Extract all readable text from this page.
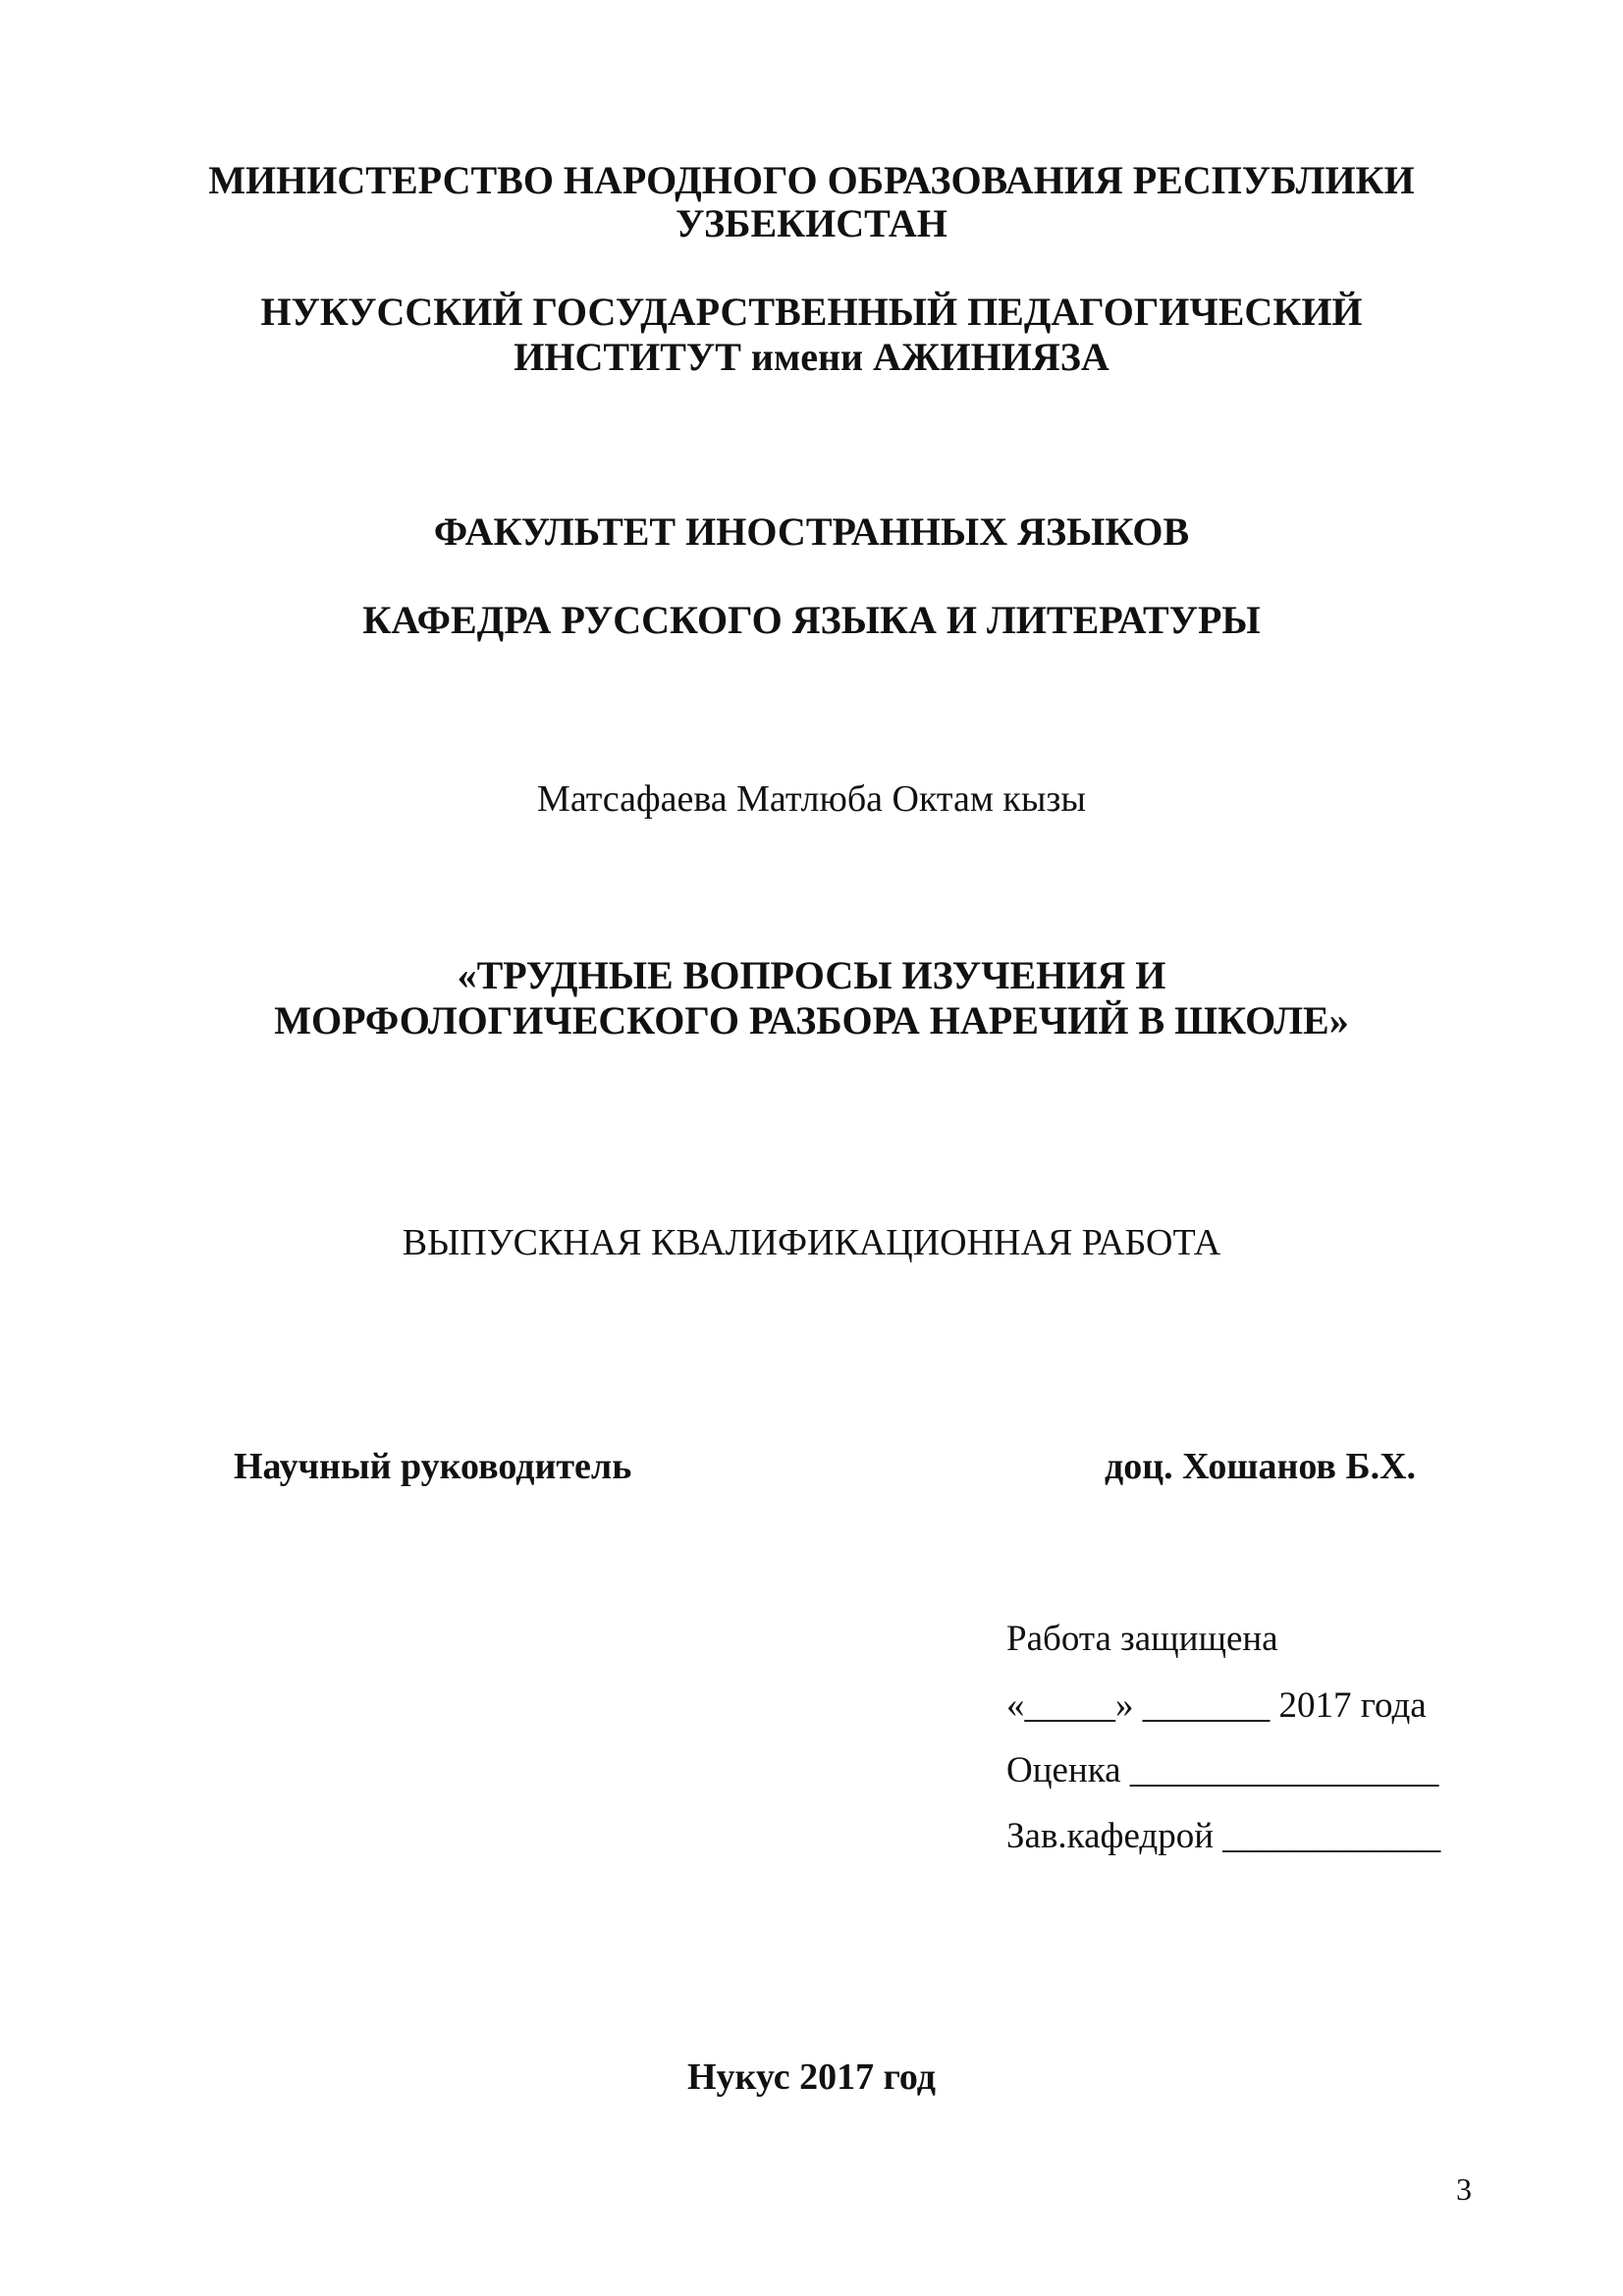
МИНИСТЕРСТВО НАРОДНОГО ОБРАЗОВАНИЯ РЕСПУБЛИКИ
УЗБЕКИСТАН
НУКУССКИЙ ГОСУДАРСТВЕННЫЙ ПЕДАГОГИЧЕСКИЙ
ИНСТИТУТ имени АЖИНИЯЗА
ФАКУЛЬТЕТ ИНОСТРАННЫХ ЯЗЫКОВ
КАФЕДРА РУССКОГО ЯЗЫКА И ЛИТЕРАТУРЫ
Матсафаева Матлюба Октам кызы
«ТРУДНЫЕ ВОПРОСЫ ИЗУЧЕНИЯ И
МОРФОЛОГИЧЕСКОГО РАЗБОРА НАРЕЧИЙ В ШКОЛЕ»
ВЫПУСКНАЯ КВАЛИФИКАЦИОННАЯ РАБОТА
Научный руководитель	доц. Хошанов Б.Х.
Работа защищена
«_____» _______ 2017 года
Оценка _________________
Зав.кафедрой ____________
Нукус 2017 год
3
